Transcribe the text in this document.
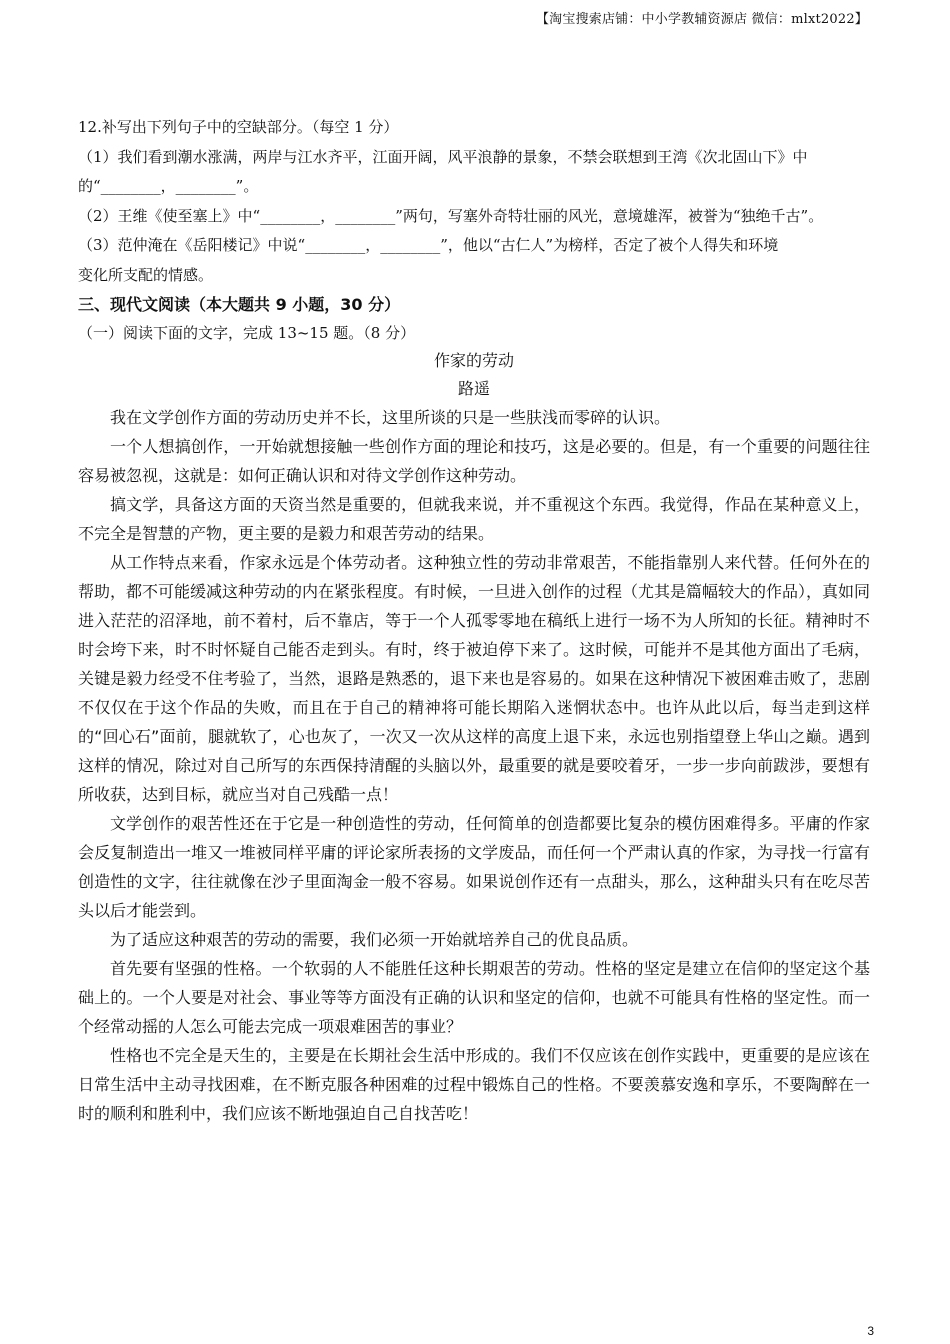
【淘宝搜索店铺：中小学教辅资源店 微信：mlxt2022】

12.补写出下列句子中的空缺部分。（每空 1 分）

（1）我们看到潮水涨满，两岸与江水齐平，江面开阔，风平浪静的景象，不禁会联想到王湾《次北固山下》中的“________，________”。

（2）王维《使至塞上》中“________，________”两句，写塞外奇特壮丽的风光，意境雄浑，被誉为“独绝千古”。

（3）范仲淹在《岳阳楼记》中说“________，________”，他以“古仁人”为榜样，否定了被个人得失和环境

变化所支配的情感。

三、现代文阅读（本大题共 9 小题，30 分）

（一）阅读下面的文字，完成 13~15 题。（8 分）

作家的劳动

路遥

我在文学创作方面的劳动历史并不长，这里所谈的只是一些肤浅而零碎的认识。

一个人想搞创作，一开始就想接触一些创作方面的理论和技巧，这是必要的。但是，有一个重要的问题往往容易被忽视，这就是：如何正确认识和对待文学创作这种劳动。

搞文学，具备这方面的天资当然是重要的，但就我来说，并不重视这个东西。我觉得，作品在某种意义上，不完全是智慧的产物，更主要的是毅力和艰苦劳动的结果。

从工作特点来看，作家永远是个体劳动者。这种独立性的劳动非常艰苦，不能指靠别人来代替。任何外在的帮助，都不可能缓减这种劳动的内在紧张程度。有时候，一旦进入创作的过程（尤其是篇幅较大的作品），真如同进入茫茫的沼泽地，前不着村，后不靠店，等于一个人孤零零地在稿纸上进行一场不为人所知的长征。精神时不时会垮下来，时不时怀疑自己能否走到头。有时，终于被迫停下来了。这时候，可能并不是其他方面出了毛病，关键是毅力经受不住考验了，当然，退路是熟悉的，退下来也是容易的。如果在这种情况下被困难击败了，悲剧不仅仅在于这个作品的失败，而且在于自己的精神将可能长期陷入迷惘状态中。也许从此以后，每当走到这样的“回心石”面前，腿就软了，心也灰了，一次又一次从这样的高度上退下来，永远也别指望登上华山之巅。遇到这样的情况，除过对自己所写的东西保持清醒的头脑以外，最重要的就是要咬着牙，一步一步向前跋涉，要想有所收获，达到目标，就应当对自己残酷一点！

文学创作的艰苦性还在于它是一种创造性的劳动，任何简单的创造都要比复杂的模仿困难得多。平庸的作家会反复制造出一堆又一堆被同样平庸的评论家所表扬的文学废品，而任何一个严肃认真的作家，为寻找一行富有创造性的文字，往往就像在沙子里面淘金一般不容易。如果说创作还有一点甜头，那么，这种甜头只有在吃尽苦头以后才能尝到。

为了适应这种艰苦的劳动的需要，我们必须一开始就培养自己的优良品质。

首先要有坚强的性格。一个软弱的人不能胜任这种长期艰苦的劳动。性格的坚定是建立在信仰的坚定这个基础上的。一个人要是对社会、事业等等方面没有正确的认识和坚定的信仰，也就不可能具有性格的坚定性。而一个经常动摇的人怎么可能去完成一项艰难困苦的事业？

性格也不完全是天生的，主要是在长期社会生活中形成的。我们不仅应该在创作实践中，更重要的是应该在日常生活中主动寻找困难，在不断克服各种困难的过程中锻炼自己的性格。不要羡慕安逸和享乐，不要陶醉在一时的顺利和胜利中，我们应该不断地强迫自己自找苦吃！

3
